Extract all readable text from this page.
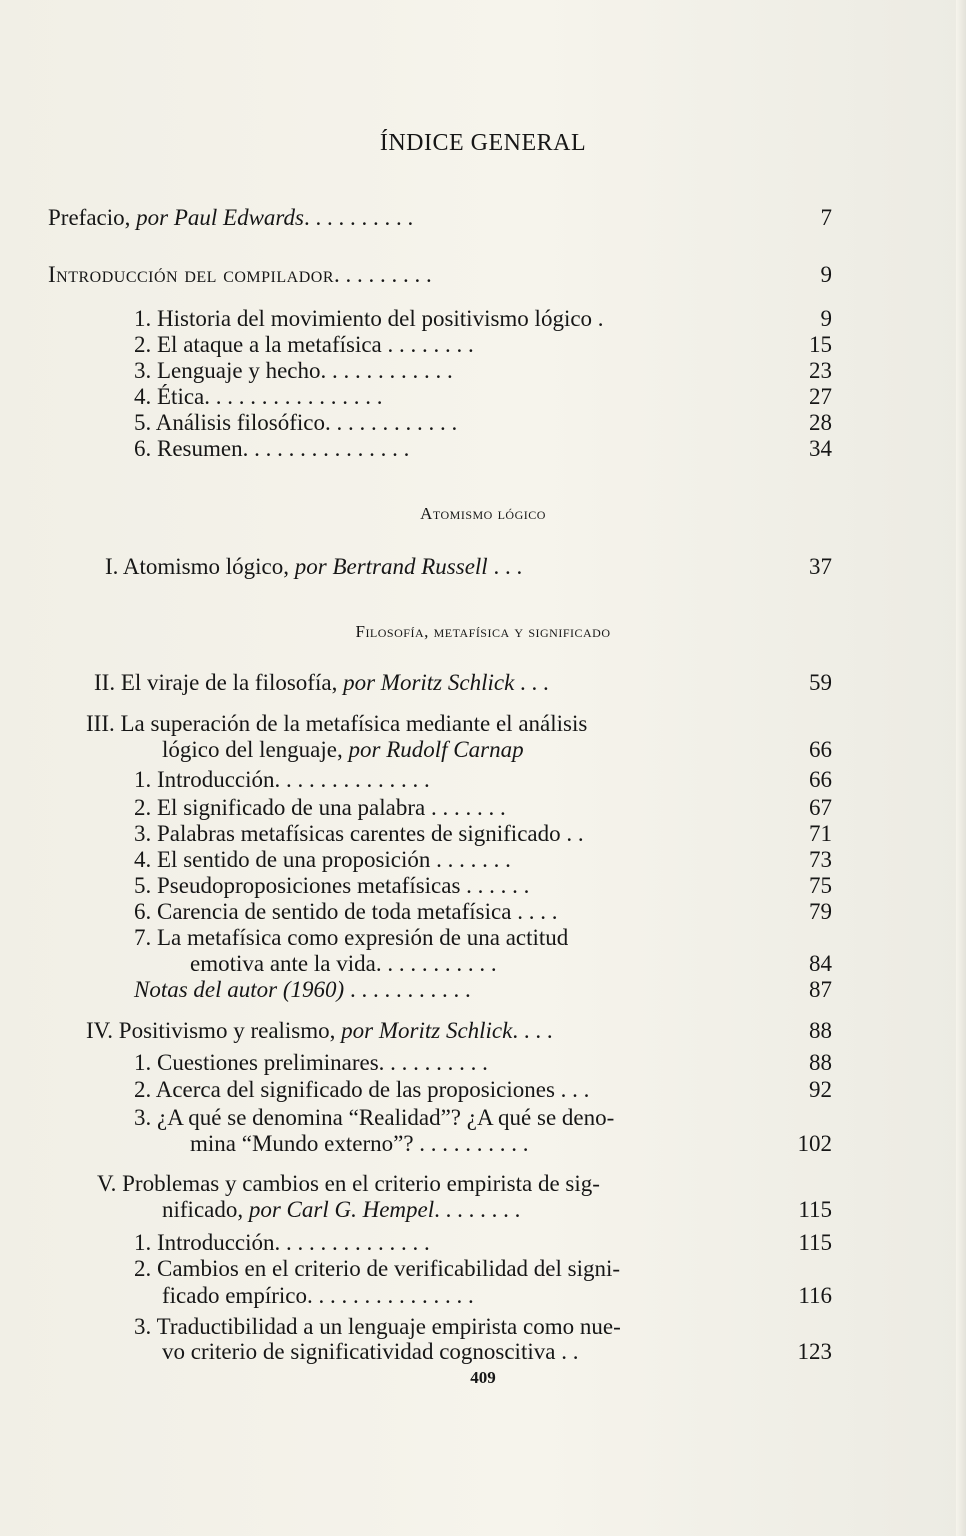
ÍNDICE GENERAL
Prefacio, por Paul Edwards. . . . . . . . . .	7
Introducción del compilador. . . . . . . . .	9
1. Historia del movimiento del positivismo lógico .	9
2. El ataque a la metafísica . . . . . . . .	15
3. Lenguaje y hecho. . . . . . . . . . . .	23
4. Ética. . . . . . . . . . . . . . . .	27
5. Análisis filosófico. . . . . . . . . . . .	28
6. Resumen. . . . . . . . . . . . . . .	34
Atomismo lógico
I. Atomismo lógico, por Bertrand Russell . . .	37
Filosofía, metafísica y significado
II. El viraje de la filosofía, por Moritz Schlick . . .	59
III. La superación de la metafísica mediante el análisis
lógico del lenguaje, por Rudolf Carnap	66
1. Introducción. . . . . . . . . . . . . .	66
2. El significado de una palabra . . . . . . .	67
3. Palabras metafísicas carentes de significado . .	71
4. El sentido de una proposición . . . . . . .	73
5. Pseudoproposiciones metafísicas . . . . . .	75
6. Carencia de sentido de toda metafísica . . . .	79
7. La metafísica como expresión de una actitud
emotiva ante la vida. . . . . . . . . . .	84
Notas del autor (1960) . . . . . . . . . . .	87
IV. Positivismo y realismo, por Moritz Schlick. . . .	88
1. Cuestiones preliminares. . . . . . . . . .	88
2. Acerca del significado de las proposiciones . . .	92
3. ¿A qué se denomina “Realidad”? ¿A qué se deno-
mina “Mundo externo”? . . . . . . . . . .	102
V. Problemas y cambios en el criterio empirista de sig-
nificado, por Carl G. Hempel. . . . . . . .	115
1. Introducción. . . . . . . . . . . . . .	115
2. Cambios en el criterio de verificabilidad del signi-
ficado empírico. . . . . . . . . . . . . . .	116
3. Traductibilidad a un lenguaje empirista como nue-
vo criterio de significatividad cognoscitiva . .	123
409
